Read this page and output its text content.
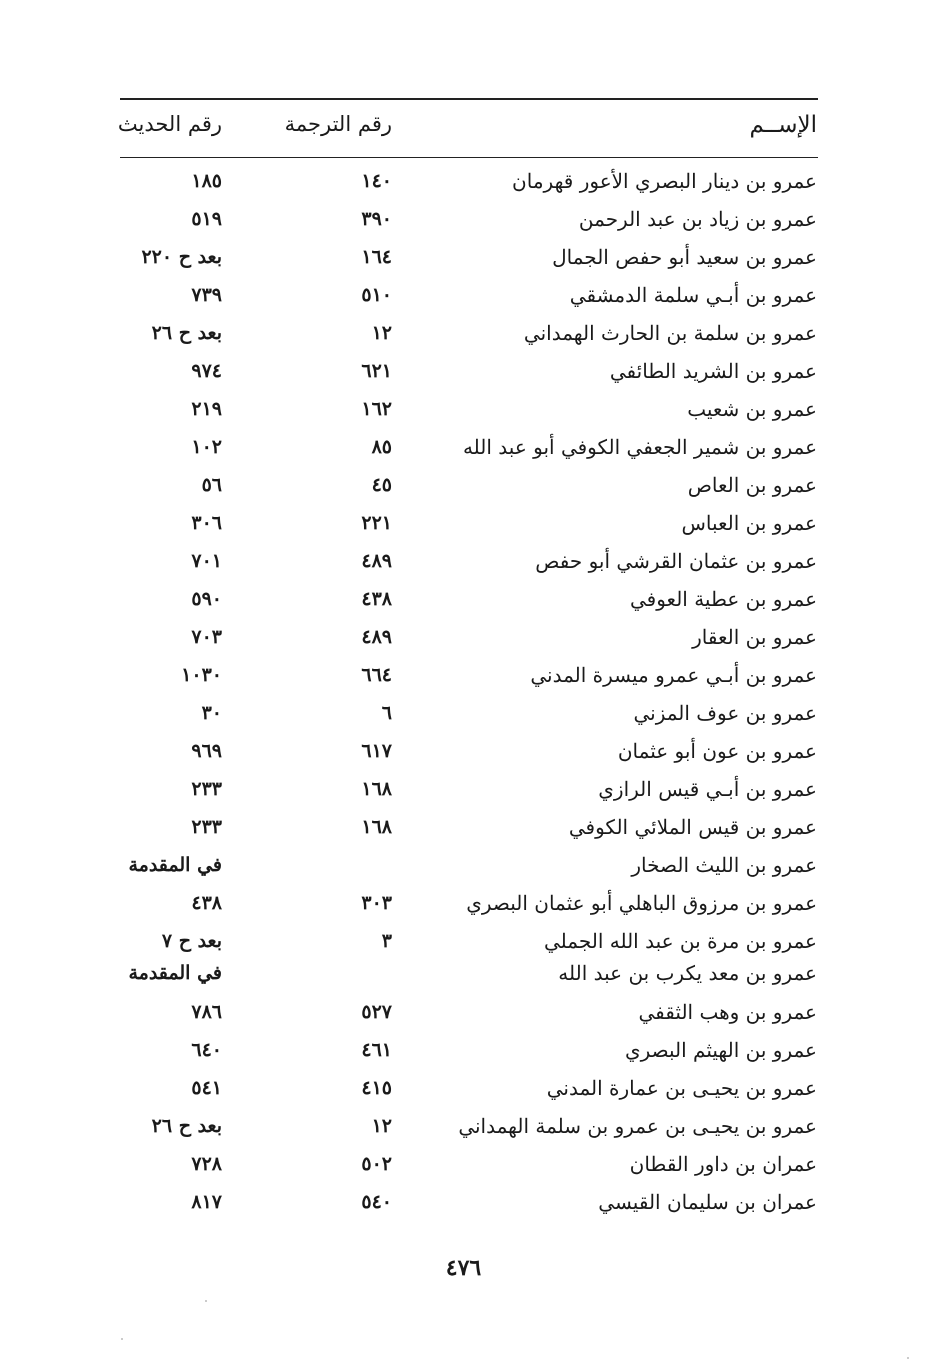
الإســم
رقم الترجمة
رقم الحديث
عمرو بن دينار البصري الأعور قهرمان
١٤٠
١٨٥
عمرو بن زياد بن عبد الرحمن
٣٩٠
٥١٩
عمرو بن سعيد أبو حفص الجمال
١٦٤
بعد ح ٢٢٠
عمرو بن أبـي سلمة الدمشقي
٥١٠
٧٣٩
عمرو بن سلمة بن الحارث الهمداني
١٢
بعد ح ٢٦
عمرو بن الشريد الطائفي
٦٢١
٩٧٤
عمرو بن شعيب
١٦٢
٢١٩
عمرو بن شمير الجعفي الكوفي أبو عبد الله
٨٥
١٠٢
عمرو بن العاص
٤٥
٥٦
عمرو بن العباس
٢٢١
٣٠٦
عمرو بن عثمان القرشي أبو حفص
٤٨٩
٧٠١
عمرو بن عطية العوفي
٤٣٨
٥٩٠
عمرو بن العقار
٤٨٩
٧٠٣
عمرو بن أبـي عمرو ميسرة المدني
٦٦٤
١٠٣٠
عمرو بن عوف المزني
٦
٣٠
عمرو بن عون أبو عثمان
٦١٧
٩٦٩
عمرو بن أبـي قيس الرازي
١٦٨
٢٣٣
عمرو بن قيس الملائي الكوفي
١٦٨
٢٣٣
عمرو بن الليث الصخار
في المقدمة
عمرو بن مرزوق الباهلي أبو عثمان البصري
٣٠٣
٤٣٨
عمرو بن مرة بن عبد الله الجملي
٣
بعد ح ٧
عمرو بن معد يكرب بن عبد الله
في المقدمة
عمرو بن وهب الثقفي
٥٢٧
٧٨٦
عمرو بن الهيثم البصري
٤٦١
٦٤٠
عمرو بن يحيـى بن عمارة المدني
٤١٥
٥٤١
عمرو بن يحيـى بن عمرو بن سلمة الهمداني
١٢
بعد ح ٢٦
عمران بن داور القطان
٥٠٢
٧٢٨
عمران بن سليمان القيسي
٥٤٠
٨١٧
٤٧٦
